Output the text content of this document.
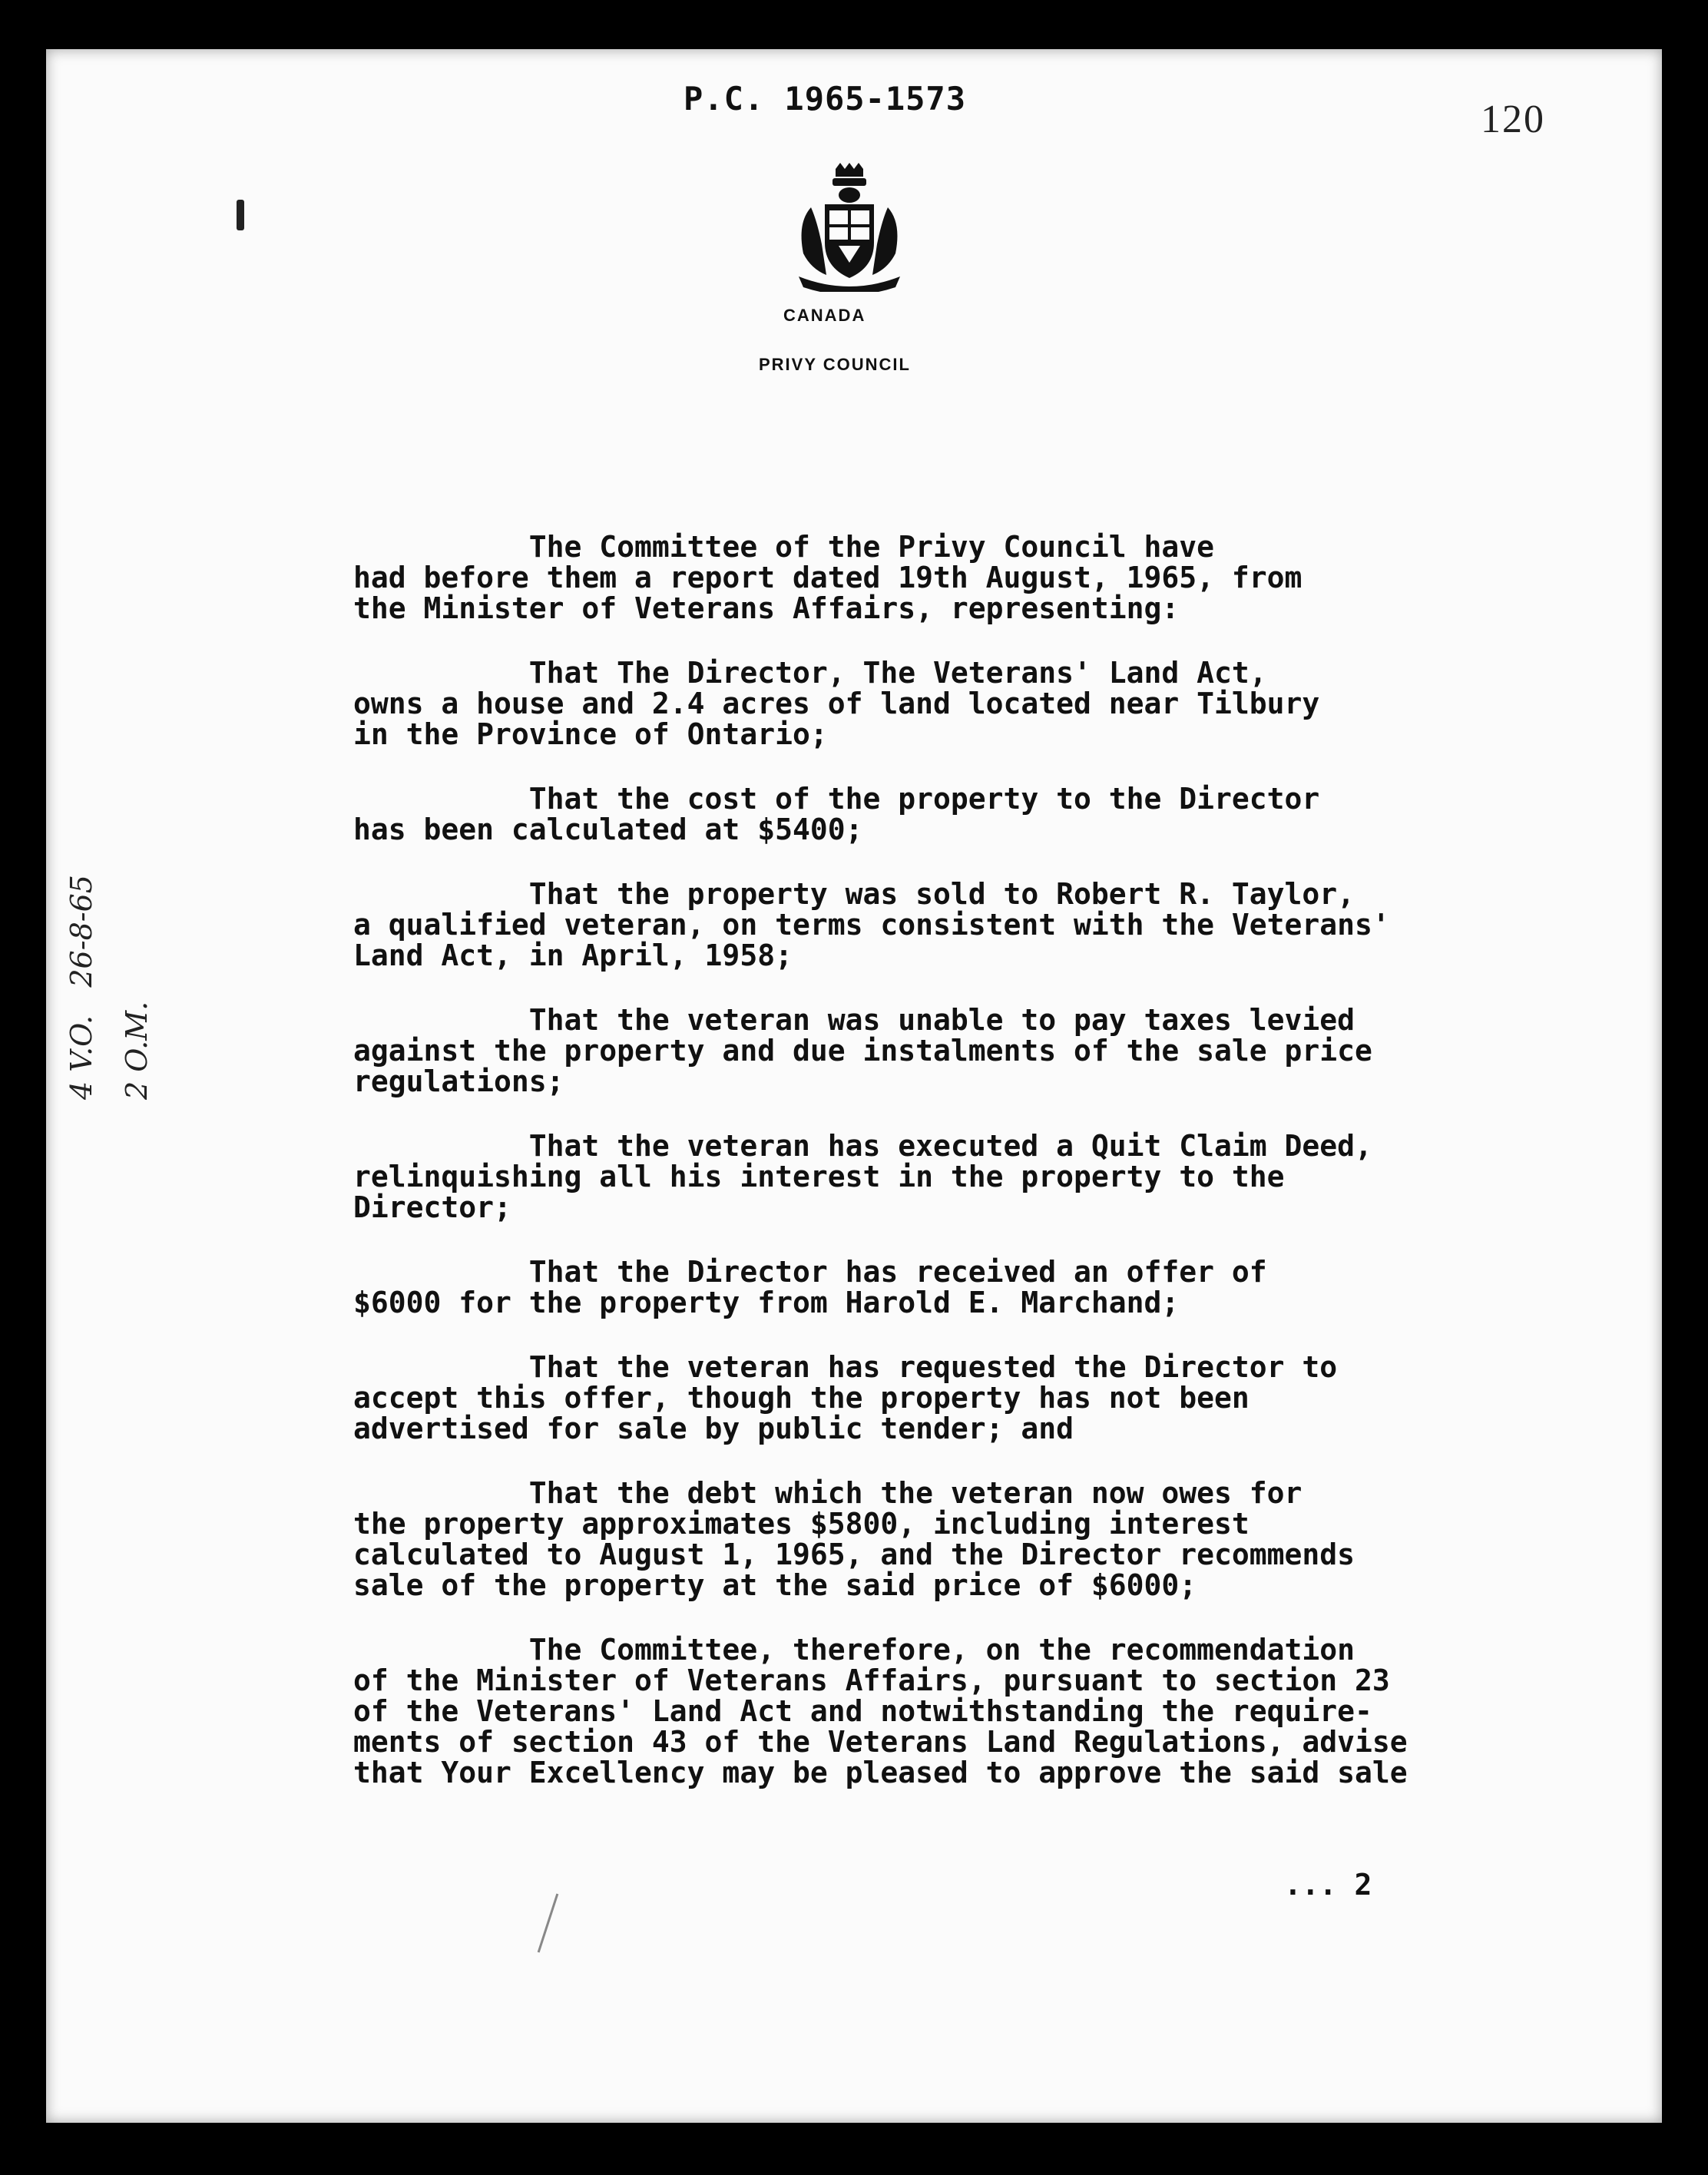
P.C. 1965-1573	120
CANADA
PRIVY COUNCIL
4 V.O.   26-8-65 2 O.M.

The Committee of the Privy Council have
had before them a report dated 19th August, 1965, from
the Minister of Veterans Affairs, representing:

That The Director, The Veterans' Land Act,
owns a house and 2.4 acres of land located near Tilbury
in the Province of Ontario;

That the cost of the property to the Director
has been calculated at $5400;

That the property was sold to Robert R. Taylor,
a qualified veteran, on terms consistent with the Veterans'
Land Act, in April, 1958;

That the veteran was unable to pay taxes levied
against the property and due instalments of the sale price
regulations;

That the veteran has executed a Quit Claim Deed,
relinquishing all his interest in the property to the
Director;

That the Director has received an offer of
$6000 for the property from Harold E. Marchand;

That the veteran has requested the Director to
accept this offer, though the property has not been
advertised for sale by public tender; and

That the debt which the veteran now owes for
the property approximates $5800, including interest
calculated to August 1, 1965, and the Director recommends
sale of the property at the said price of $6000;

The Committee, therefore, on the recommendation
of the Minister of Veterans Affairs, pursuant to section 23
of the Veterans' Land Act and notwithstanding the require-
ments of section 43 of the Veterans Land Regulations, advise
that Your Excellency may be pleased to approve the said sale

... 2
